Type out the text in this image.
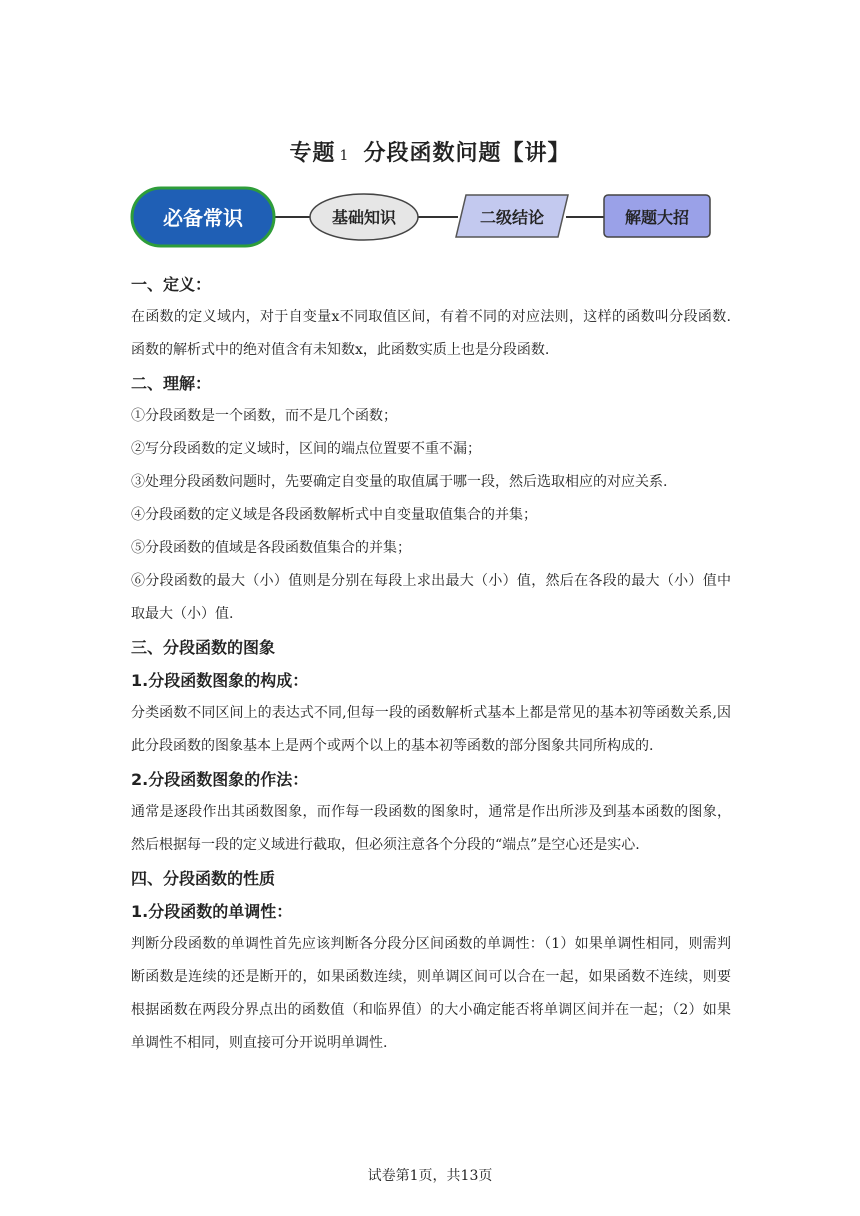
专题 1 分段函数问题【讲】
必备常识	基础知识	二级结论	解题大招
一、定义：
在函数的定义域内，对于自变量x不同取值区间，有着不同的对应法则，这样的函数叫分段函数.函数的解析式中的绝对值含有未知数x，此函数实质上也是分段函数.
二、理解：
①分段函数是一个函数，而不是几个函数；
②写分段函数的定义域时，区间的端点位置要不重不漏；
③处理分段函数问题时，先要确定自变量的取值属于哪一段，然后选取相应的对应关系.
④分段函数的定义域是各段函数解析式中自变量取值集合的并集；
⑤分段函数的值域是各段函数值集合的并集；
⑥分段函数的最大（小）值则是分别在每段上求出最大（小）值，然后在各段的最大（小）值中取最大（小）值.
三、分段函数的图象
1.分段函数图象的构成：
分类函数不同区间上的表达式不同,但每一段的函数解析式基本上都是常见的基本初等函数关系,因此分段函数的图象基本上是两个或两个以上的基本初等函数的部分图象共同所构成的.
2.分段函数图象的作法：
通常是逐段作出其函数图象，而作每一段函数的图象时，通常是作出所涉及到基本函数的图象，然后根据每一段的定义域进行截取，但必须注意各个分段的“端点”是空心还是实心.
四、分段函数的性质
1.分段函数的单调性：
判断分段函数的单调性首先应该判断各分段分区间函数的单调性：（1）如果单调性相同，则需判断函数是连续的还是断开的，如果函数连续，则单调区间可以合在一起，如果函数不连续，则要根据函数在两段分界点出的函数值（和临界值）的大小确定能否将单调区间并在一起；（2）如果单调性不相同，则直接可分开说明单调性.
试卷第1页，共13页
